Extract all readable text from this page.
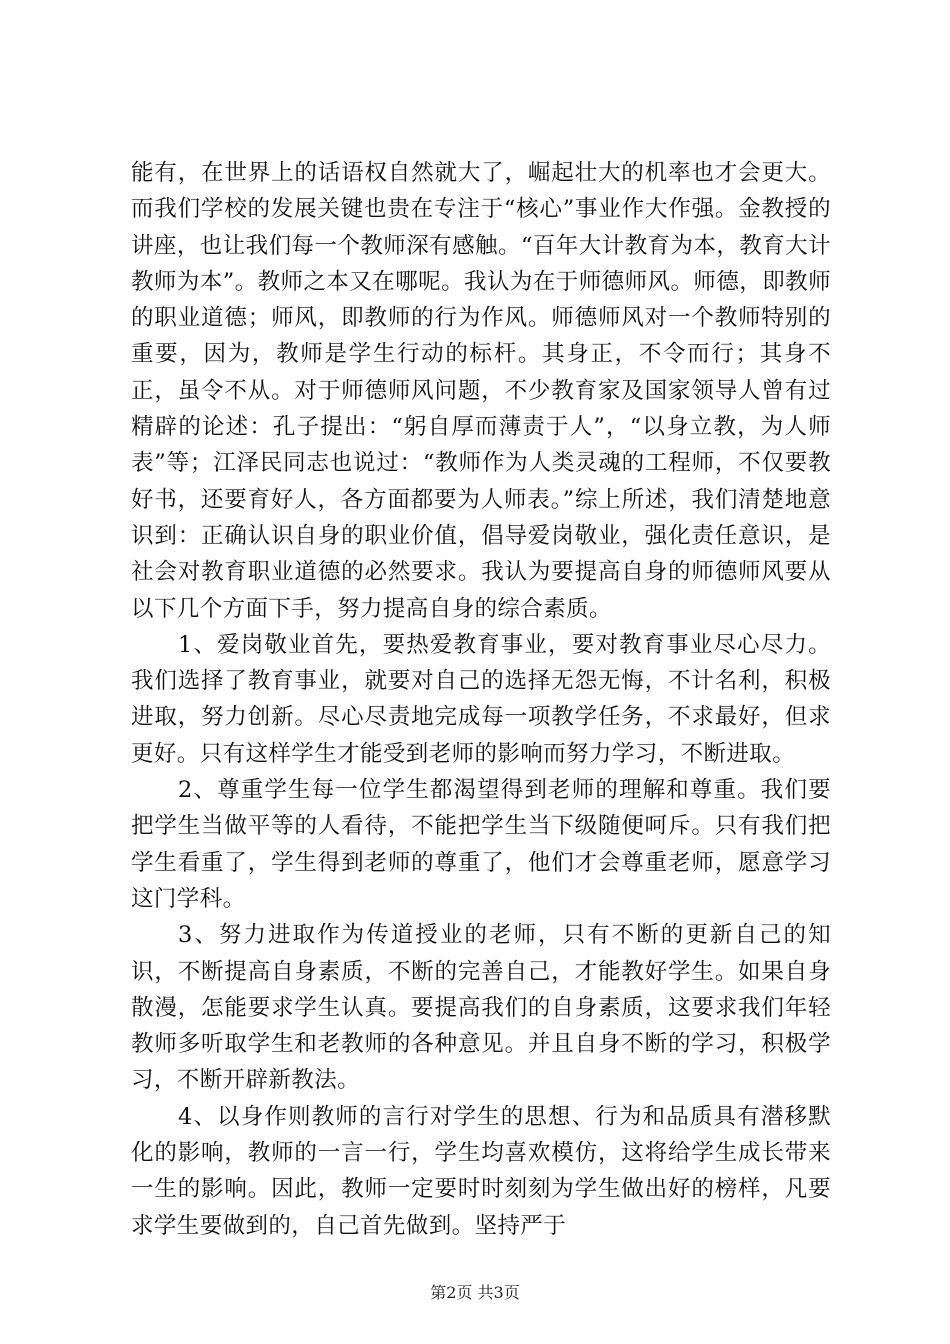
能有，在世界上的话语权自然就大了，崛起壮大的机率也才会更大。而我们学校的发展关键也贵在专注于“核心”事业作大作强。金教授的讲座，也让我们每一个教师深有感触。“百年大计教育为本，教育大计教师为本”。教师之本又在哪呢。我认为在于师德师风。师德，即教师的职业道德；师风，即教师的行为作风。师德师风对一个教师特别的重要，因为，教师是学生行动的标杆。其身正，不令而行；其身不正，虽令不从。对于师德师风问题，不少教育家及国家领导人曾有过精辟的论述：孔子提出：“躬自厚而薄责于人”，“以身立教，为人师表”等；江泽民同志也说过：“教师作为人类灵魂的工程师，不仅要教好书，还要育好人，各方面都要为人师表。”综上所述，我们清楚地意识到：正确认识自身的职业价值，倡导爱岗敬业，强化责任意识，是社会对教育职业道德的必然要求。我认为要提高自身的师德师风要从以下几个方面下手，努力提高自身的综合素质。

1、爱岗敬业首先，要热爱教育事业，要对教育事业尽心尽力。我们选择了教育事业，就要对自己的选择无怨无悔，不计名利，积极进取，努力创新。尽心尽责地完成每一项教学任务，不求最好，但求更好。只有这样学生才能受到老师的影响而努力学习，不断进取。

2、尊重学生每一位学生都渴望得到老师的理解和尊重。我们要把学生当做平等的人看待，不能把学生当下级随便呵斥。只有我们把学生看重了，学生得到老师的尊重了，他们才会尊重老师，愿意学习这门学科。

3、努力进取作为传道授业的老师，只有不断的更新自己的知识，不断提高自身素质，不断的完善自己，才能教好学生。如果自身散漫，怎能要求学生认真。要提高我们的自身素质，这要求我们年轻教师多听取学生和老教师的各种意见。并且自身不断的学习，积极学习，不断开辟新教法。

4、以身作则教师的言行对学生的思想、行为和品质具有潜移默化的影响，教师的一言一行，学生均喜欢模仿，这将给学生成长带来一生的影响。因此，教师一定要时时刻刻为学生做出好的榜样，凡要求学生要做到的，自己首先做到。坚持严于

第2页 共3页
